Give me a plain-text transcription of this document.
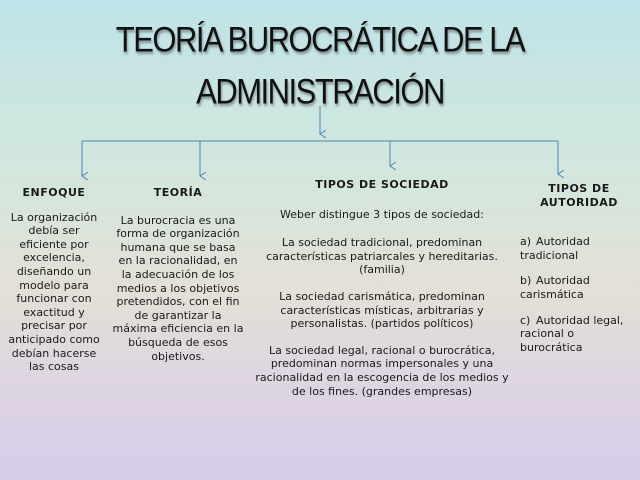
TEORÍA BUROCRÁTICA DE LA
ADMINISTRACIÓN
ENFOQUE

La organización debía ser eficiente por excelencia, diseñando un modelo para funcionar con exactitud y precisar por anticipado como debían hacerse las cosas

TEORÍA

La burocracia es una forma de organización humana que se basa en la racionalidad, en la adecuación de los medios a los objetivos pretendidos, con el fin de garantizar la máxima eficiencia en la búsqueda de esos objetivos.

TIPOS DE SOCIEDAD

Weber distingue 3 tipos de sociedad:

La sociedad tradicional, predominan características patriarcales y hereditarias. (familia)

La sociedad carismática, predominan características místicas, arbitrarias y personalistas. (partidos políticos)

La sociedad legal, racional o burocrática, predominan normas impersonales y una racionalidad en la escogencia de los medios y de los fines. (grandes empresas)

TIPOS DE AUTORIDAD
a) Autoridad tradicional
b) Autoridad carismática
c) Autoridad legal, racional o burocrática
